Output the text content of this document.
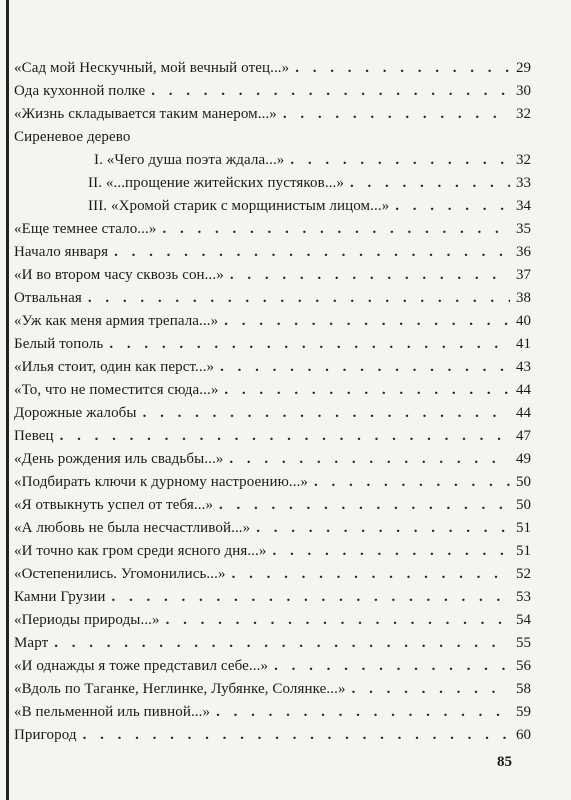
«Сад мой Нескучный, мой вечный отец...» . . .	29
Ода кухонной полке . . .	30
«Жизнь складывается таким манером...» . . .	32
Сиреневое дерево
I. «Чего душа поэта ждала...» . . .	32
II. «...прощение житейских пустяков...» . . .	33
III. «Хромой старик с морщинистым лицом...» . . .	34
«Еще темнее стало...» . . .	35
Начало января . . .	36
«И во втором часу сквозь сон...» . . .	37
Отвальная . . .	38
«Уж как меня армия трепала...» . . .	40
Белый тополь . . .	41
«Илья стоит, один как перст...» . . .	43
«То, что не поместится сюда...» . . .	44
Дорожные жалобы . . .	44
Певец . . .	47
«День рождения иль свадьбы...» . . .	49
«Подбирать ключи к дурному настроению...» . . .	50
«Я отвыкнуть успел от тебя...» . . .	50
«А любовь не была несчастливой...» . . .	51
«И точно как гром среди ясного дня...» . . .	51
«Остепенились. Угомонились...» . . .	52
Камни Грузии . . .	53
«Периоды природы...» . . .	54
Март . . .	55
«И однажды я тоже представил себе...» . . .	56
«Вдоль по Таганке, Неглинке, Лубянке, Солянке...» . . .	58
«В пельменной иль пивной...» . . .	59
Пригород . . .	60
85
